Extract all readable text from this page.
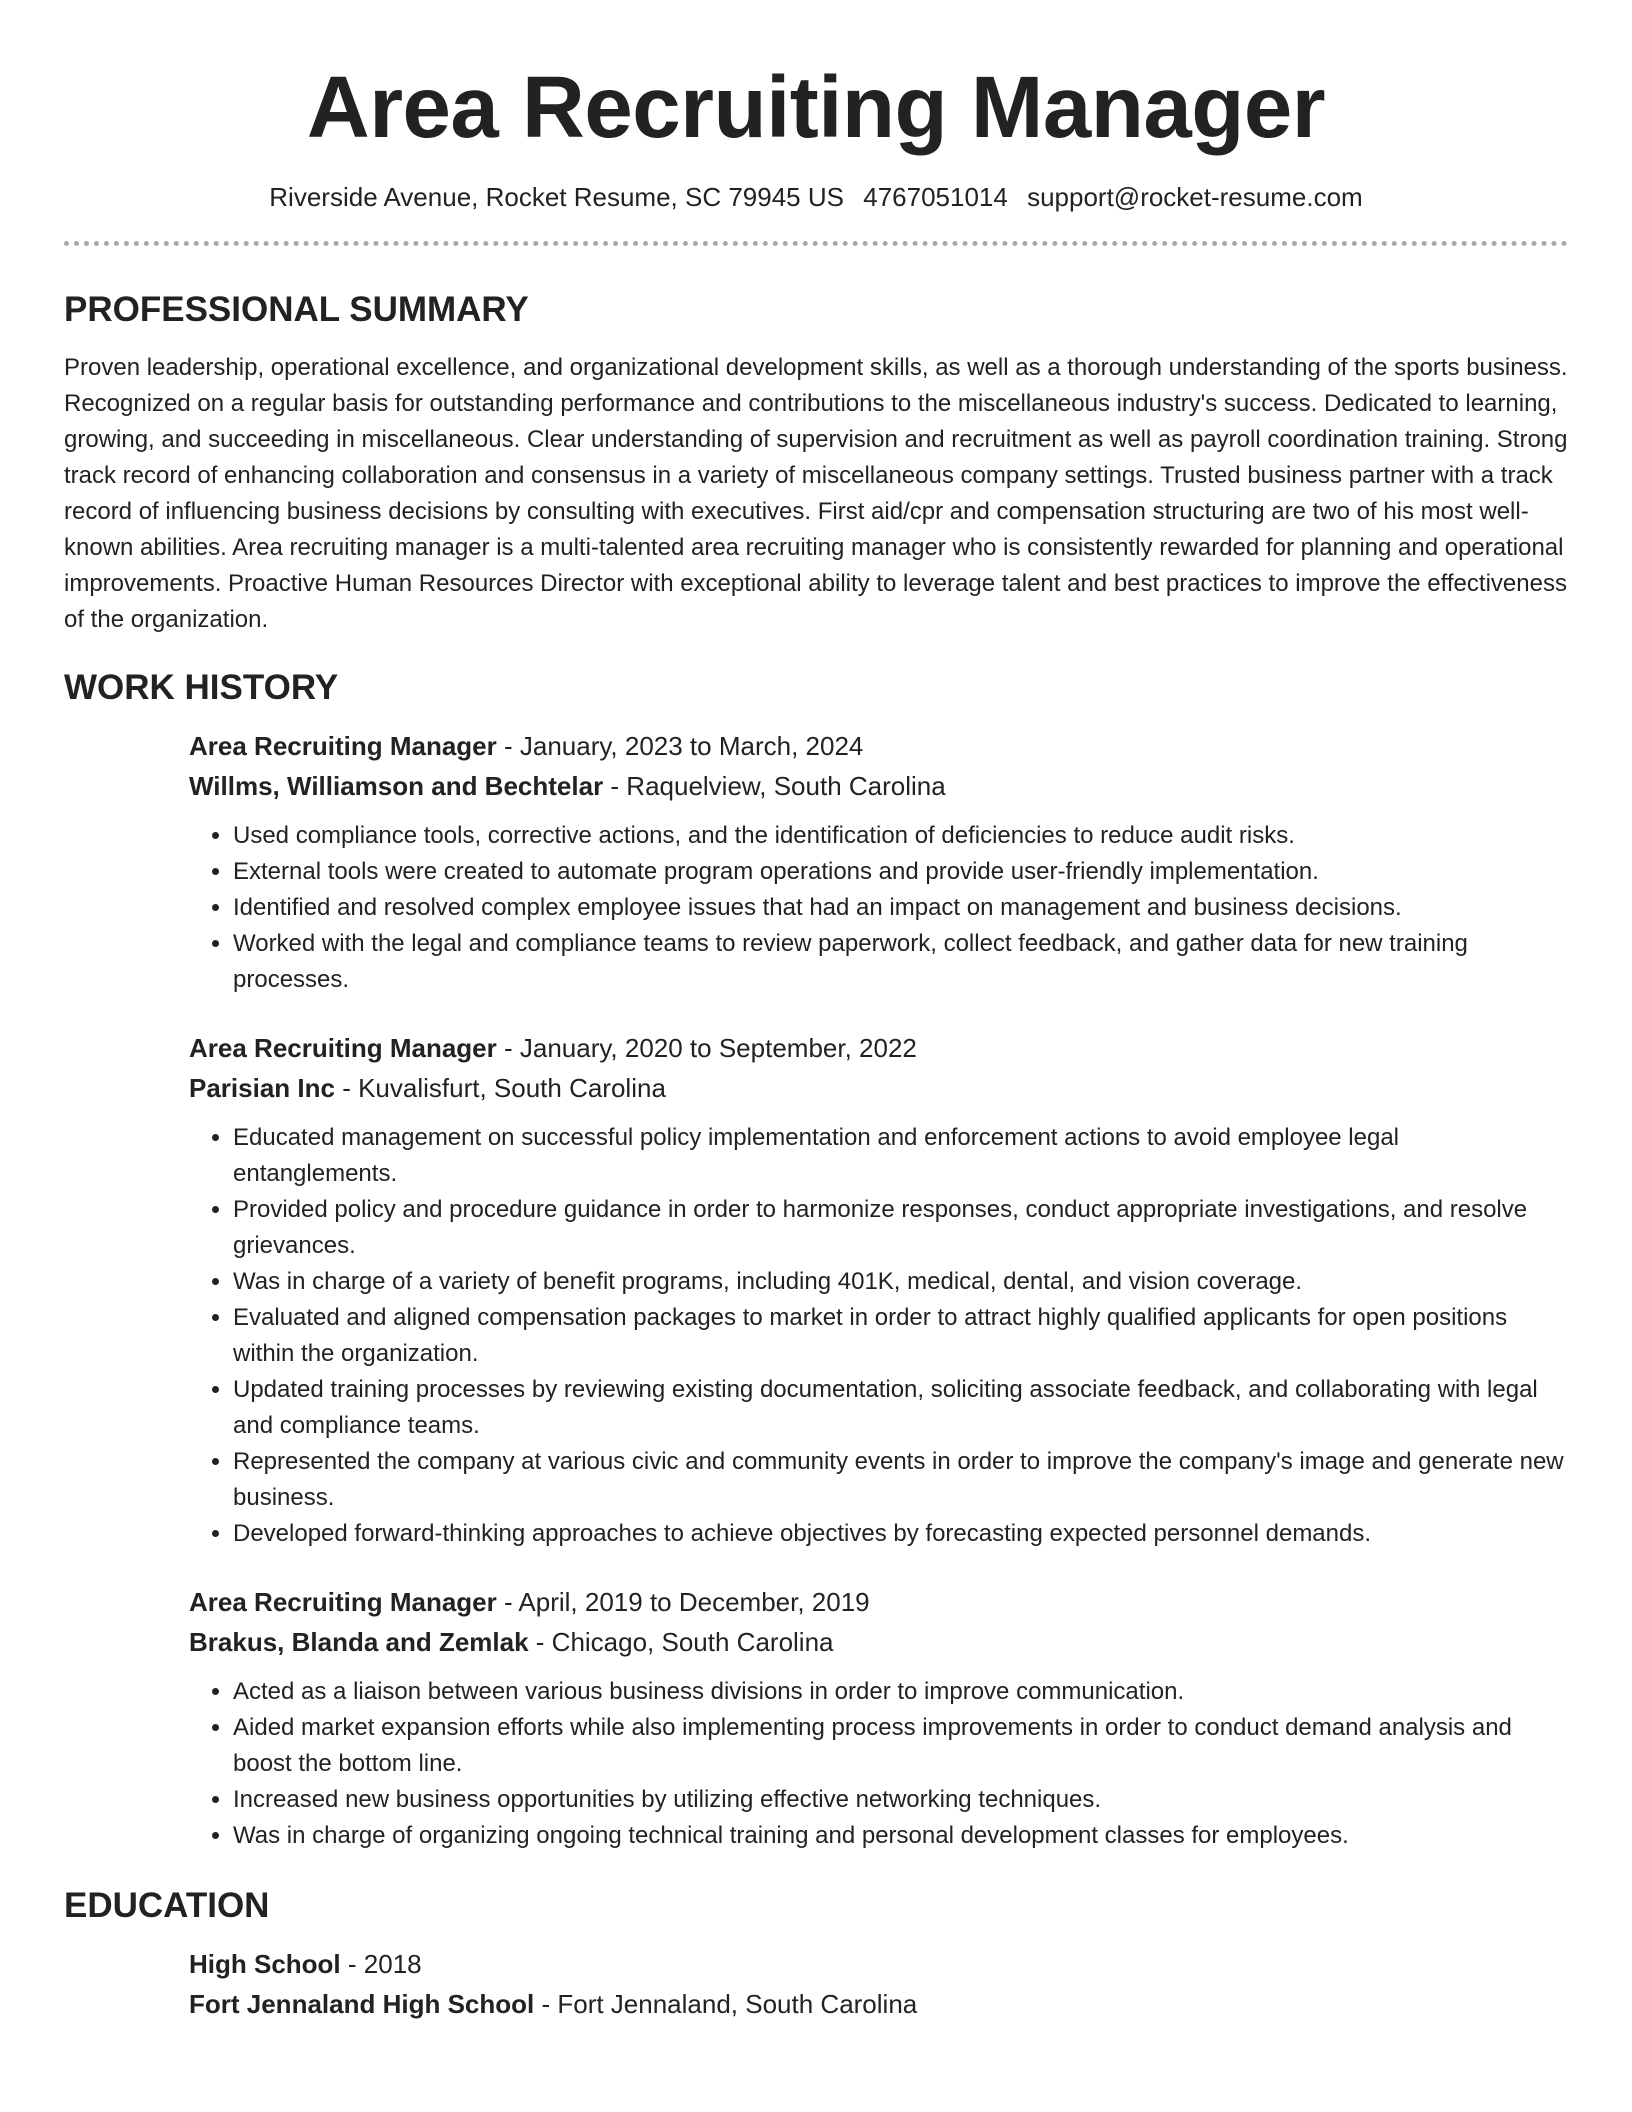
Area Recruiting Manager
Riverside Avenue, Rocket Resume, SC 79945 US 4767051014 support@rocket-resume.com
PROFESSIONAL SUMMARY

Proven leadership, operational excellence, and organizational development skills, as well as a thorough understanding of the sports business. Recognized on a regular basis for outstanding performance and contributions to the miscellaneous industry's success. Dedicated to learning, growing, and succeeding in miscellaneous. Clear understanding of supervision and recruitment as well as payroll coordination training. Strong track record of enhancing collaboration and consensus in a variety of miscellaneous company settings. Trusted business partner with a track record of influencing business decisions by consulting with executives. First aid/cpr and compensation structuring are two of his most well-known abilities. Area recruiting manager is a multi-talented area recruiting manager who is consistently rewarded for planning and operational improvements. Proactive Human Resources Director with exceptional ability to leverage talent and best practices to improve the effectiveness of the organization.

WORK HISTORY
Area Recruiting Manager - January, 2023 to March, 2024
Willms, Williamson and Bechtelar - Raquelview, South Carolina
• Used compliance tools, corrective actions, and the identification of deficiencies to reduce audit risks.
• External tools were created to automate program operations and provide user-friendly implementation.
• Identified and resolved complex employee issues that had an impact on management and business decisions.
• Worked with the legal and compliance teams to review paperwork, collect feedback, and gather data for new training processes.
Area Recruiting Manager - January, 2020 to September, 2022
Parisian Inc - Kuvalisfurt, South Carolina
• Educated management on successful policy implementation and enforcement actions to avoid employee legal entanglements.
• Provided policy and procedure guidance in order to harmonize responses, conduct appropriate investigations, and resolve grievances.
• Was in charge of a variety of benefit programs, including 401K, medical, dental, and vision coverage.
• Evaluated and aligned compensation packages to market in order to attract highly qualified applicants for open positions within the organization.
• Updated training processes by reviewing existing documentation, soliciting associate feedback, and collaborating with legal and compliance teams.
• Represented the company at various civic and community events in order to improve the company's image and generate new business.
• Developed forward-thinking approaches to achieve objectives by forecasting expected personnel demands.
Area Recruiting Manager - April, 2019 to December, 2019
Brakus, Blanda and Zemlak - Chicago, South Carolina
• Acted as a liaison between various business divisions in order to improve communication.
• Aided market expansion efforts while also implementing process improvements in order to conduct demand analysis and boost the bottom line.
• Increased new business opportunities by utilizing effective networking techniques.
• Was in charge of organizing ongoing technical training and personal development classes for employees.
EDUCATION
High School - 2018
Fort Jennaland High School - Fort Jennaland, South Carolina
